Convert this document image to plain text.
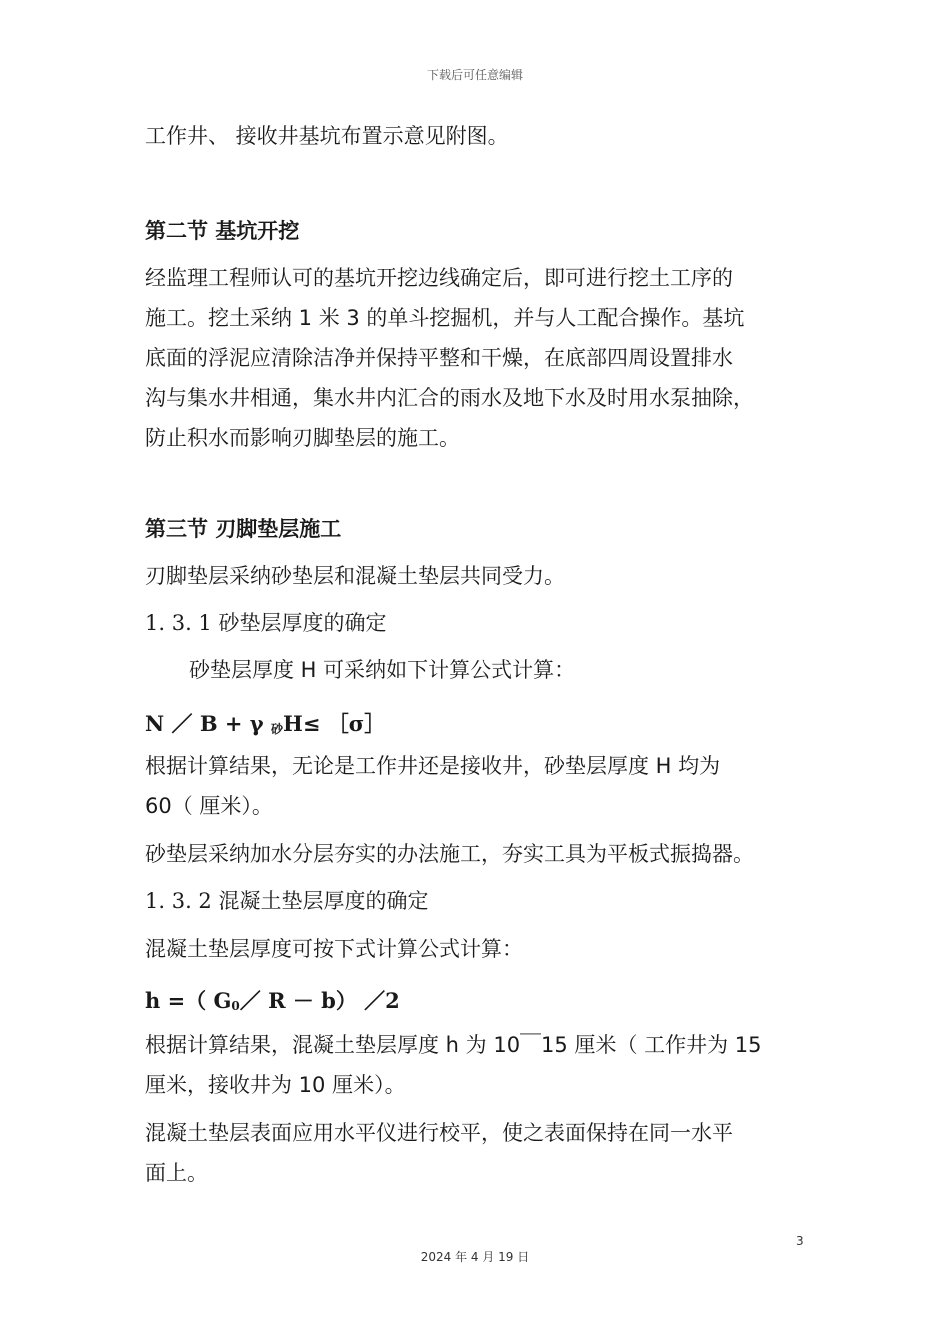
下载后可任意编辑
工作井、 接收井基坑布置示意见附图。
第二节 基坑开挖
经监理工程师认可的基坑开挖边线确定后，即可进行挖土工序的
施工。挖土采纳 1 米 3 的单斗挖掘机，并与人工配合操作。基坑
底面的浮泥应清除洁净并保持平整和干燥，在底部四周设置排水
沟与集水井相通，集水井内汇合的雨水及地下水及时用水泵抽除，
防止积水而影响刃脚垫层的施工。
第三节 刃脚垫层施工
刃脚垫层采纳砂垫层和混凝土垫层共同受力。
1. 3. 1 砂垫层厚度的确定
砂垫层厚度 H 可采纳如下计算公式计算：
N ／ B + γ 砂H≤ ［σ］
根据计算结果，无论是工作井还是接收井，砂垫层厚度 H 均为
60（ 厘米）。
砂垫层采纳加水分层夯实的办法施工，夯实工具为平板式振捣器。
1. 3. 2 混凝土垫层厚度的确定
混凝土垫层厚度可按下式计算公式计算：
h =（ G0／ R － b） ／2
根据计算结果，混凝土垫层厚度 h 为 10￣15 厘米（ 工作井为 15
厘米，接收井为 10 厘米）。
混凝土垫层表面应用水平仪进行校平，使之表面保持在同一水平
面上。
3
2024 年 4 月 19 日
